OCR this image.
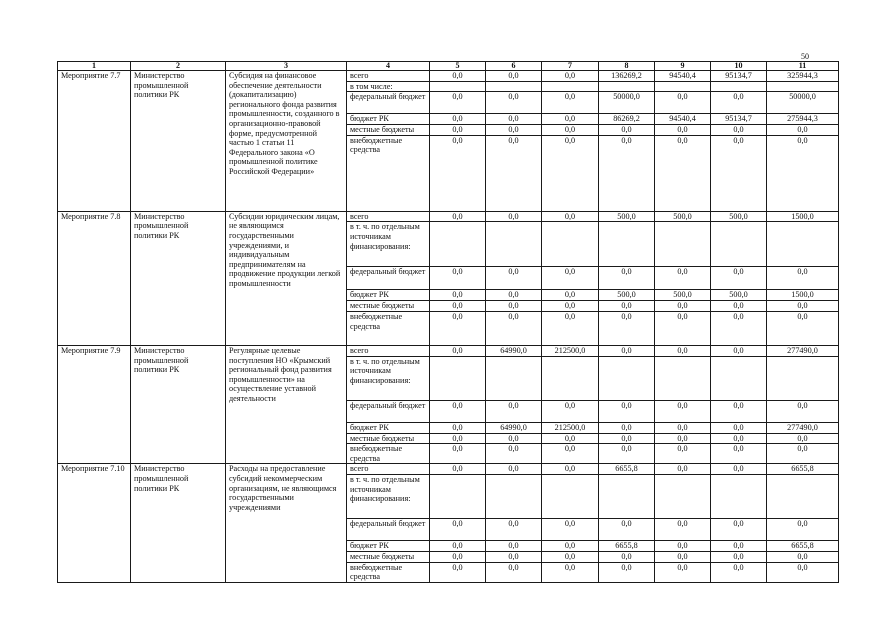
50
1	2	3	4	5	6	7	8	9	10	11
Мероприятие 7.7	Министерство промышленной политики РК	Субсидия на финансовое обеспечение деятельности (докапитализацию) регионального фонда развития промышленности, созданного в организационно-правовой форме, предусмотренной частью 1 статьи 11 Федерального закона «О промышленной политике Российской Федерации»	всего	0,0	0,0	0,0	136269,2	94540,4	95134,7	325944,3
			в том числе:							
			федеральный бюджет	0,0	0,0	0,0	50000,0	0,0	0,0	50000,0
			бюджет РК	0,0	0,0	0,0	86269,2	94540,4	95134,7	275944,3
			местные бюджеты	0,0	0,0	0,0	0,0	0,0	0,0	0,0
			внебюджетные средства	0,0	0,0	0,0	0,0	0,0	0,0	0,0
Мероприятие 7.8	Министерство промышленной политики РК	Субсидии юридическим лицам, не являющимся государственными учреждениями, и индивидуальным предпринимателям на продвижение продукции легкой промышленности	всего	0,0	0,0	0,0	500,0	500,0	500,0	1500,0
			в т. ч. по отдельным источникам финансирования:							
			федеральный бюджет	0,0	0,0	0,0	0,0	0,0	0,0	0,0
			бюджет РК	0,0	0,0	0,0	500,0	500,0	500,0	1500,0
			местные бюджеты	0,0	0,0	0,0	0,0	0,0	0,0	0,0
			внебюджетные средства	0,0	0,0	0,0	0,0	0,0	0,0	0,0
Мероприятие 7.9	Министерство промышленной политики РК	Регулярные целевые поступления НО «Крымский региональный фонд развития промышленности» на осуществление уставной деятельности	всего	0,0	64990,0	212500,0	0,0	0,0	0,0	277490,0
			в т. ч. по отдельным источникам финансирования:							
			федеральный бюджет	0,0	0,0	0,0	0,0	0,0	0,0	0,0
			бюджет РК	0,0	64990,0	212500,0	0,0	0,0	0,0	277490,0
			местные бюджеты	0,0	0,0	0,0	0,0	0,0	0,0	0,0
			внебюджетные средства	0,0	0,0	0,0	0,0	0,0	0,0	0,0
Мероприятие 7.10	Министерство промышленной политики РК	Расходы на предоставление субсидий некоммерческим организациям, не являющимся государственными учреждениями	всего	0,0	0,0	0,0	6655,8	0,0	0,0	6655,8
			в т. ч. по отдельным источникам финансирования:							
			федеральный бюджет	0,0	0,0	0,0	0,0	0,0	0,0	0,0
			бюджет РК	0,0	0,0	0,0	6655,8	0,0	0,0	6655,8
			местные бюджеты	0,0	0,0	0,0	0,0	0,0	0,0	0,0
			внебюджетные средства	0,0	0,0	0,0	0,0	0,0	0,0	0,0
